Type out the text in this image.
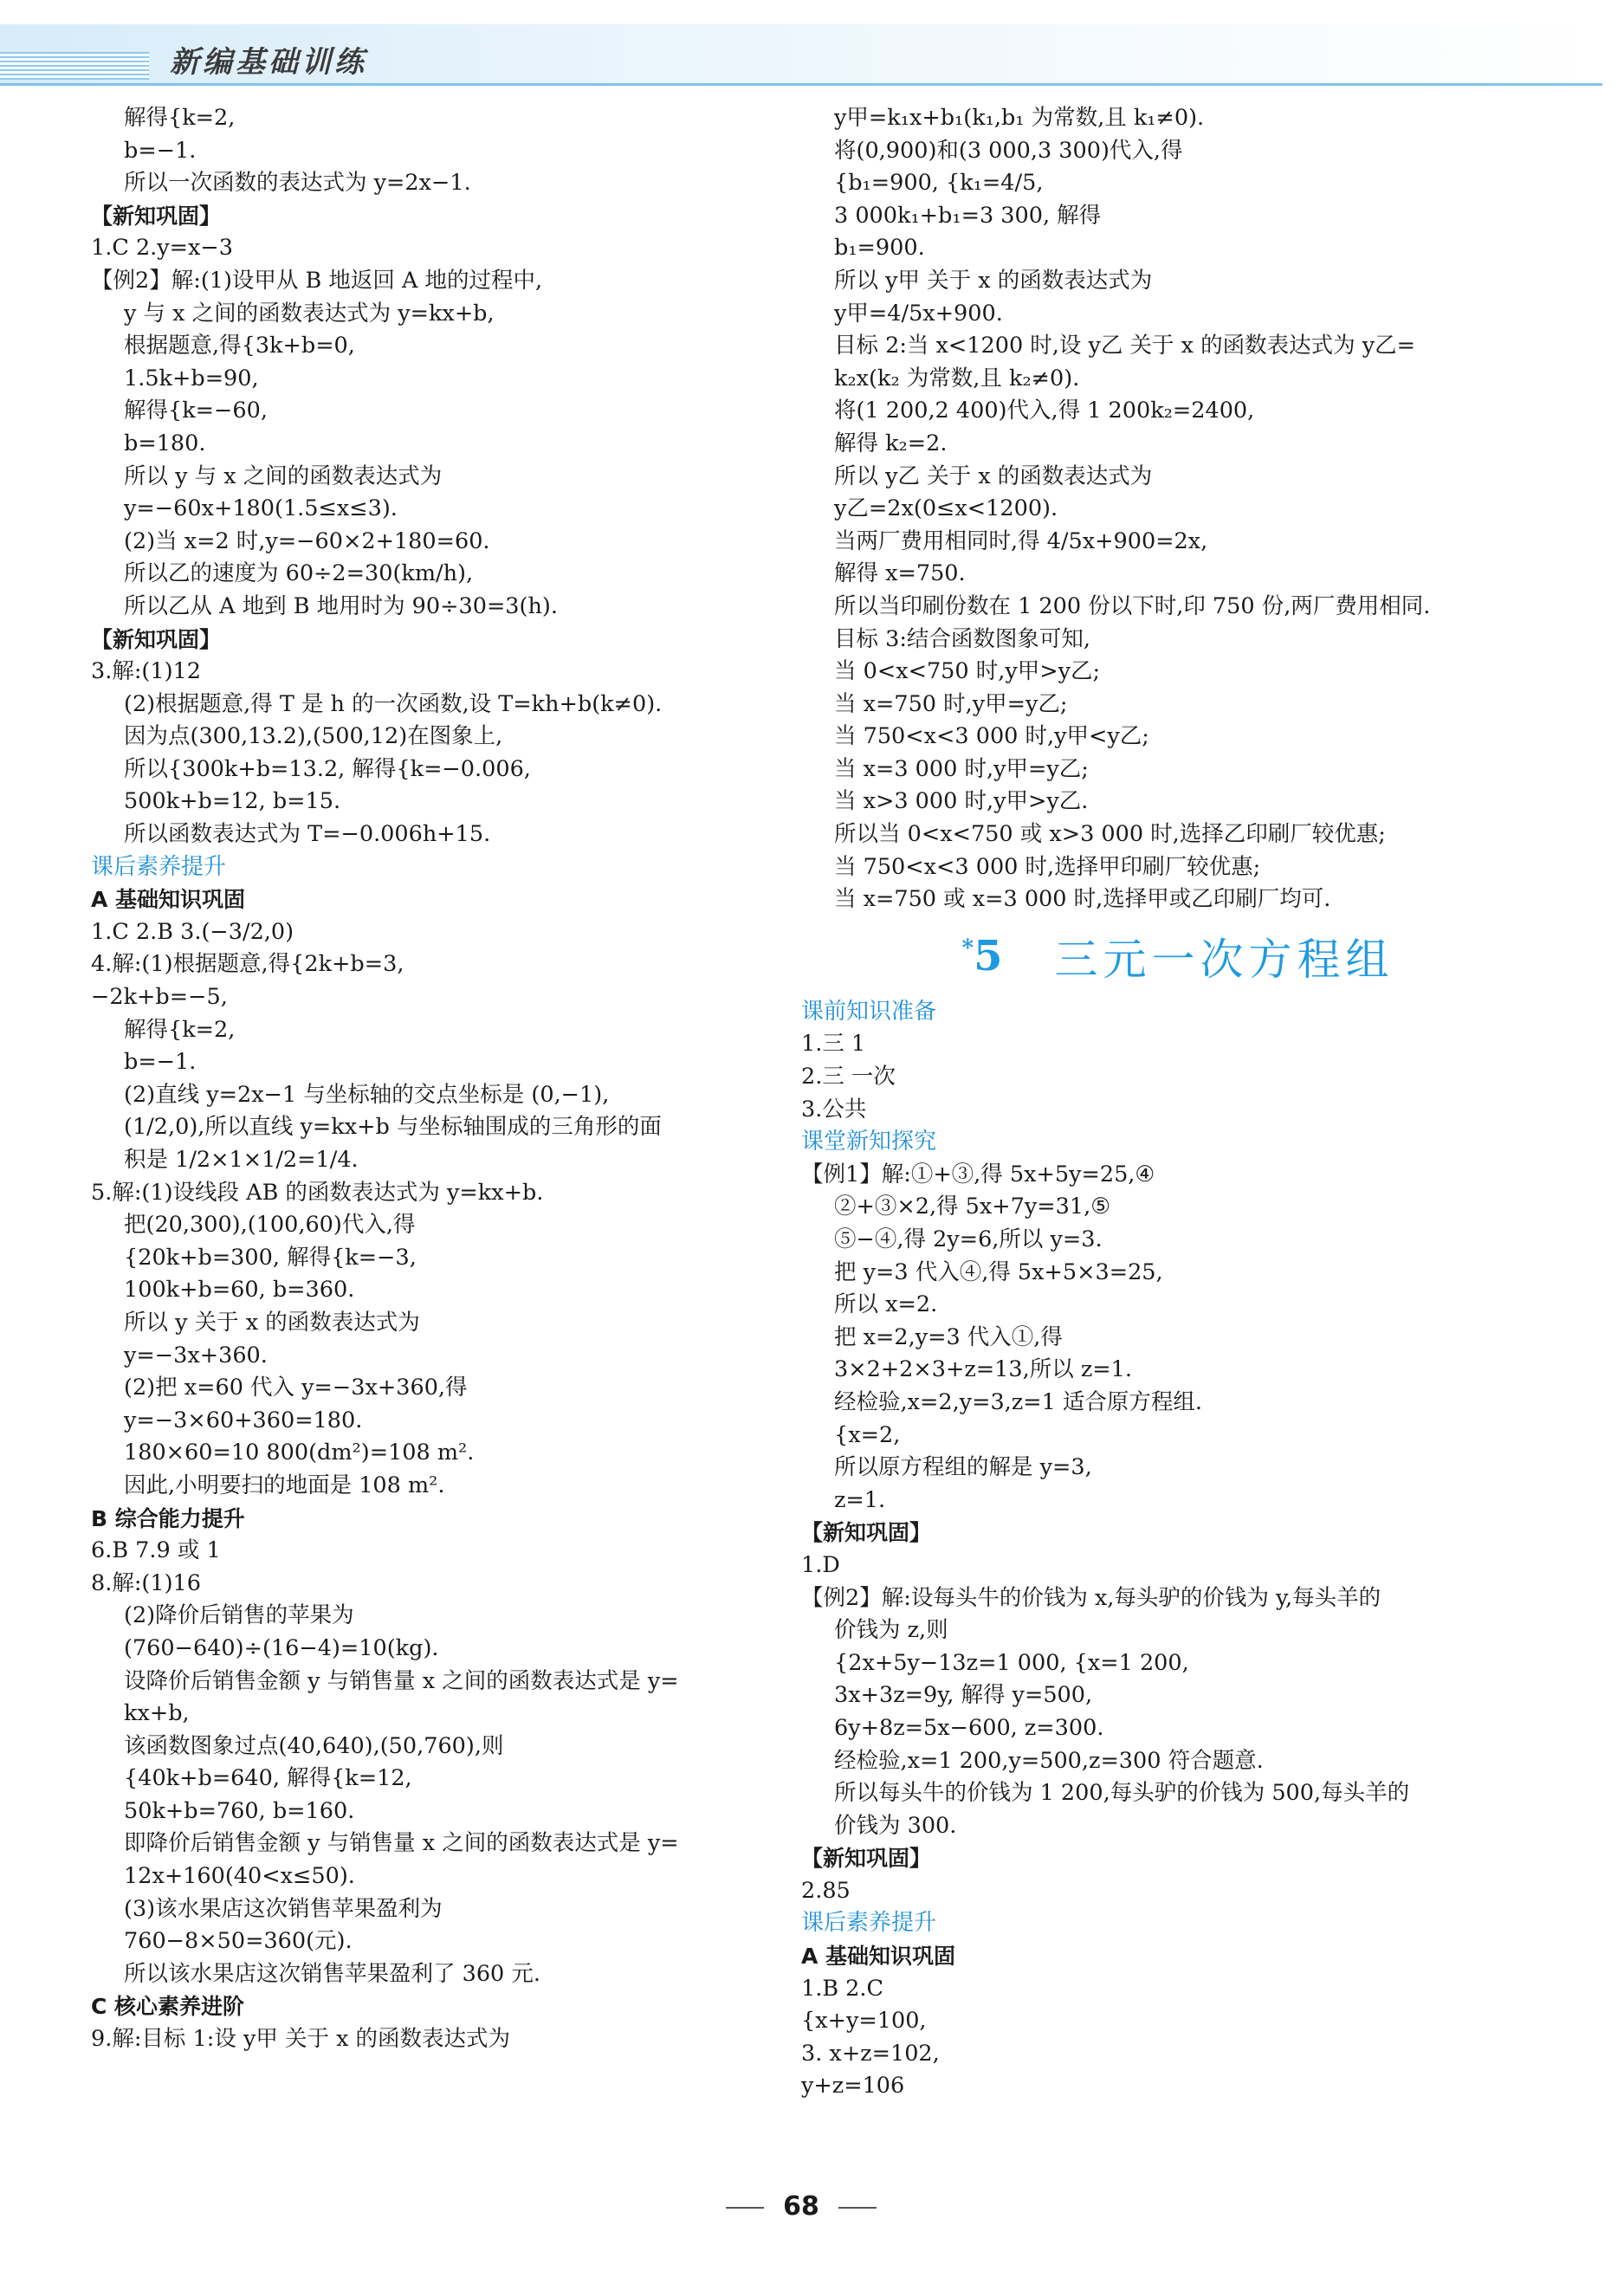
新编基础训练
解得{k=2,
b=−1.
所以一次函数的表达式为 y=2x−1.
【新知巩固】
1.C 2.y=x−3
【例2】解:(1)设甲从 B 地返回 A 地的过程中,
y 与 x 之间的函数表达式为 y=kx+b,
根据题意,得{3k+b=0,
1.5k+b=90,
解得{k=−60,
b=180.
所以 y 与 x 之间的函数表达式为
y=−60x+180(1.5≤x≤3).
(2)当 x=2 时,y=−60×2+180=60.
所以乙的速度为 60÷2=30(km/h),
所以乙从 A 地到 B 地用时为 90÷30=3(h).
【新知巩固】
3.解:(1)12
(2)根据题意,得 T 是 h 的一次函数,设 T=kh+b(k≠0).
因为点(300,13.2),(500,12)在图象上,
所以{300k+b=13.2, 解得{k=−0.006,
500k+b=12, b=15.
所以函数表达式为 T=−0.006h+15.
课后素养提升
A 基础知识巩固
1.C 2.B 3.(−3/2,0)
4.解:(1)根据题意,得{2k+b=3,
−2k+b=−5,
解得{k=2,
b=−1.
(2)直线 y=2x−1 与坐标轴的交点坐标是 (0,−1),
(1/2,0),所以直线 y=kx+b 与坐标轴围成的三角形的面
积是 1/2×1×1/2=1/4.
5.解:(1)设线段 AB 的函数表达式为 y=kx+b.
把(20,300),(100,60)代入,得
{20k+b=300, 解得{k=−3,
100k+b=60, b=360.
所以 y 关于 x 的函数表达式为
y=−3x+360.
(2)把 x=60 代入 y=−3x+360,得
y=−3×60+360=180.
180×60=10 800(dm²)=108 m².
因此,小明要扫的地面是 108 m².
B 综合能力提升
6.B 7.9 或 1
8.解:(1)16
(2)降价后销售的苹果为
(760−640)÷(16−4)=10(kg).
设降价后销售金额 y 与销售量 x 之间的函数表达式是 y=
kx+b,
该函数图象过点(40,640),(50,760),则
{40k+b=640, 解得{k=12,
50k+b=760, b=160.
即降价后销售金额 y 与销售量 x 之间的函数表达式是 y=
12x+160(40<x≤50).
(3)该水果店这次销售苹果盈利为
760−8×50=360(元).
所以该水果店这次销售苹果盈利了 360 元.
C 核心素养进阶
9.解:目标 1:设 y甲 关于 x 的函数表达式为
y甲=k₁x+b₁(k₁,b₁ 为常数,且 k₁≠0).
将(0,900)和(3 000,3 300)代入,得
{b₁=900, {k₁=4/5,
3 000k₁+b₁=3 300, 解得
b₁=900.
所以 y甲 关于 x 的函数表达式为
y甲=4/5x+900.
目标 2:当 x<1200 时,设 y乙 关于 x 的函数表达式为 y乙=
k₂x(k₂ 为常数,且 k₂≠0).
将(1 200,2 400)代入,得 1 200k₂=2400,
解得 k₂=2.
所以 y乙 关于 x 的函数表达式为
y乙=2x(0≤x<1200).
当两厂费用相同时,得 4/5x+900=2x,
解得 x=750.
所以当印刷份数在 1 200 份以下时,印 750 份,两厂费用相同.
目标 3:结合函数图象可知,
当 0<x<750 时,y甲>y乙;
当 x=750 时,y甲=y乙;
当 750<x<3 000 时,y甲<y乙;
当 x=3 000 时,y甲=y乙;
当 x>3 000 时,y甲>y乙.
所以当 0<x<750 或 x>3 000 时,选择乙印刷厂较优惠;
当 750<x<3 000 时,选择甲印刷厂较优惠;
当 x=750 或 x=3 000 时,选择甲或乙印刷厂均可.
*5 三元一次方程组
课前知识准备
1.三 1
2.三 一次
3.公共
课堂新知探究
【例1】解:①+③,得 5x+5y=25,④
②+③×2,得 5x+7y=31,⑤
⑤−④,得 2y=6,所以 y=3.
把 y=3 代入④,得 5x+5×3=25,
所以 x=2.
把 x=2,y=3 代入①,得
3×2+2×3+z=13,所以 z=1.
经检验,x=2,y=3,z=1 适合原方程组.
{x=2,
所以原方程组的解是 y=3,
z=1.
【新知巩固】
1.D
【例2】解:设每头牛的价钱为 x,每头驴的价钱为 y,每头羊的
价钱为 z,则
{2x+5y−13z=1 000, {x=1 200,
3x+3z=9y, 解得 y=500,
6y+8z=5x−600, z=300.
经检验,x=1 200,y=500,z=300 符合题意.
所以每头牛的价钱为 1 200,每头驴的价钱为 500,每头羊的
价钱为 300.
【新知巩固】
2.85
课后素养提升
A 基础知识巩固
1.B 2.C
{x+y=100,
3. x+z=102,
y+z=106
68
